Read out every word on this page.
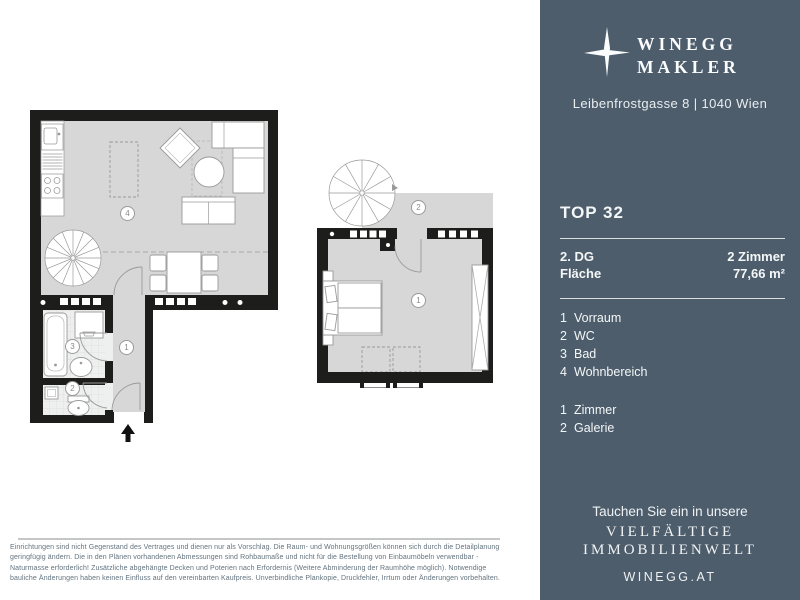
4
3
2
1
2
1
Einrichtungen sind nicht Gegenstand des Vertrages und dienen nur als Vorschlag. Die Raum- und Wohnungsgrößen können sich durch die Detailplanung
geringfügig ändern. Die in den Plänen vorhandenen Abmessungen sind Rohbaumaße und nicht für die Bestellung von Einbaumöbeln verwendbar -
Naturmasse erforderlich! Zusätzliche abgehängte Decken und Poterien nach Erfordernis (Weitere Abminderung der Raumhöhe möglich). Notwendige
bauliche Änderungen haben keinen Einfluss auf den vereinbarten Kaufpreis. Unverbindliche Plankopie, Druckfehler, Irrtum oder Änderungen vorbehalten.
WINEGG
MAKLER
Leibenfrostgasse 8 | 1040 Wien
TOP 32
2. DG	2 Zimmer
Fläche	77,66 m²
1 Vorraum
2 WC
3 Bad
4 Wohnbereich
1 Zimmer
2 Galerie
Tauchen Sie ein in unsere
VIELFÄLTIGE
IMMOBILIENWELT
WINEGG.AT
